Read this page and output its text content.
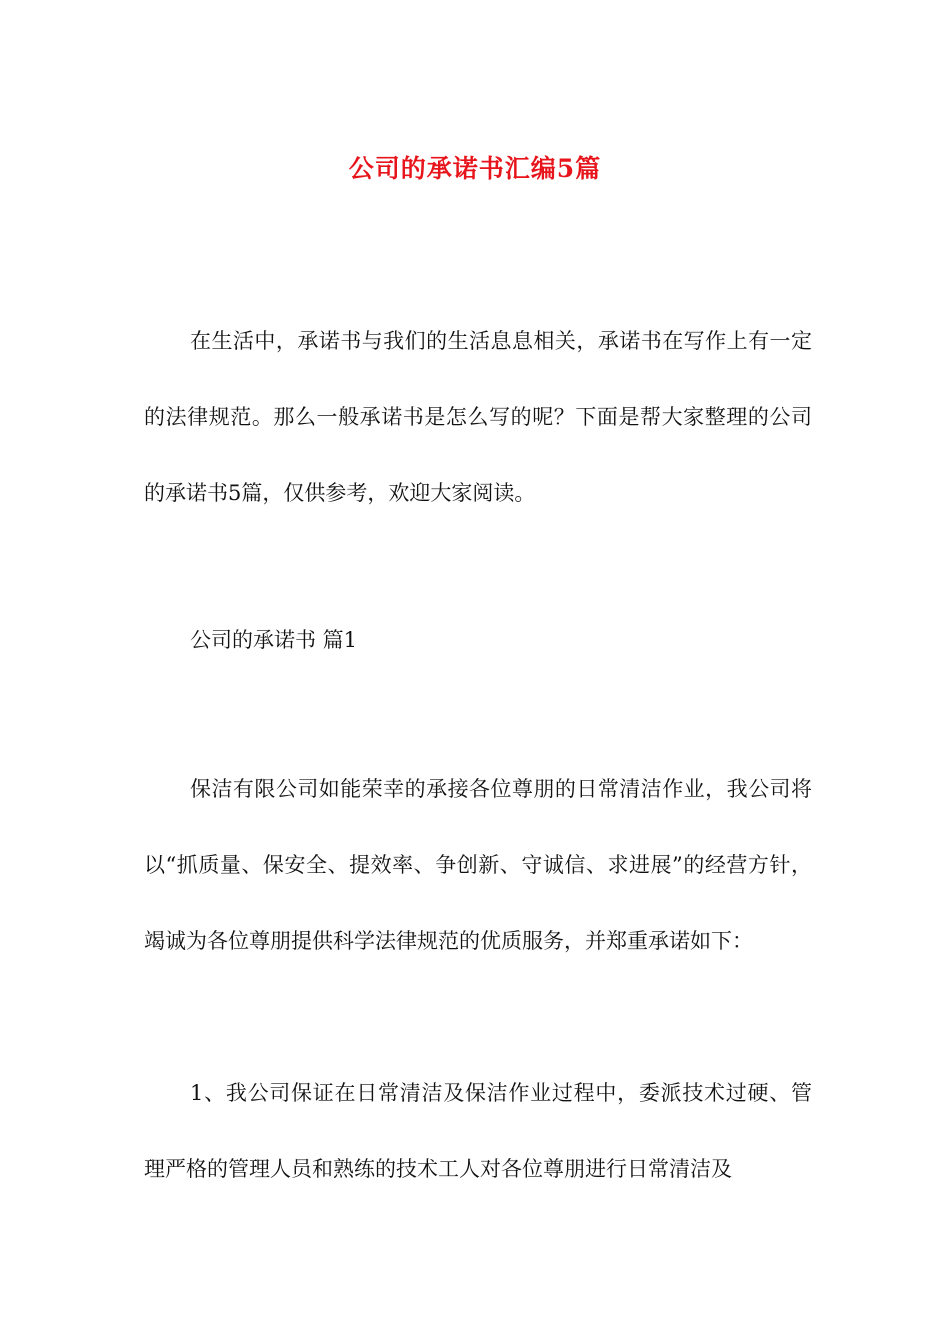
公司的承诺书汇编5篇

在生活中，承诺书与我们的生活息息相关，承诺书在写作上有一定的法律规范。那么一般承诺书是怎么写的呢？下面是帮大家整理的公司的承诺书5篇，仅供参考，欢迎大家阅读。

公司的承诺书 篇1

保洁有限公司如能荣幸的承接各位尊朋的日常清洁作业，我公司将以“抓质量、保安全、提效率、争创新、守诚信、求进展”的经营方针，竭诚为各位尊朋提供科学法律规范的优质服务，并郑重承诺如下：

1、我公司保证在日常清洁及保洁作业过程中，委派技术过硬、管理严格的管理人员和熟练的技术工人对各位尊朋进行日常清洁及
